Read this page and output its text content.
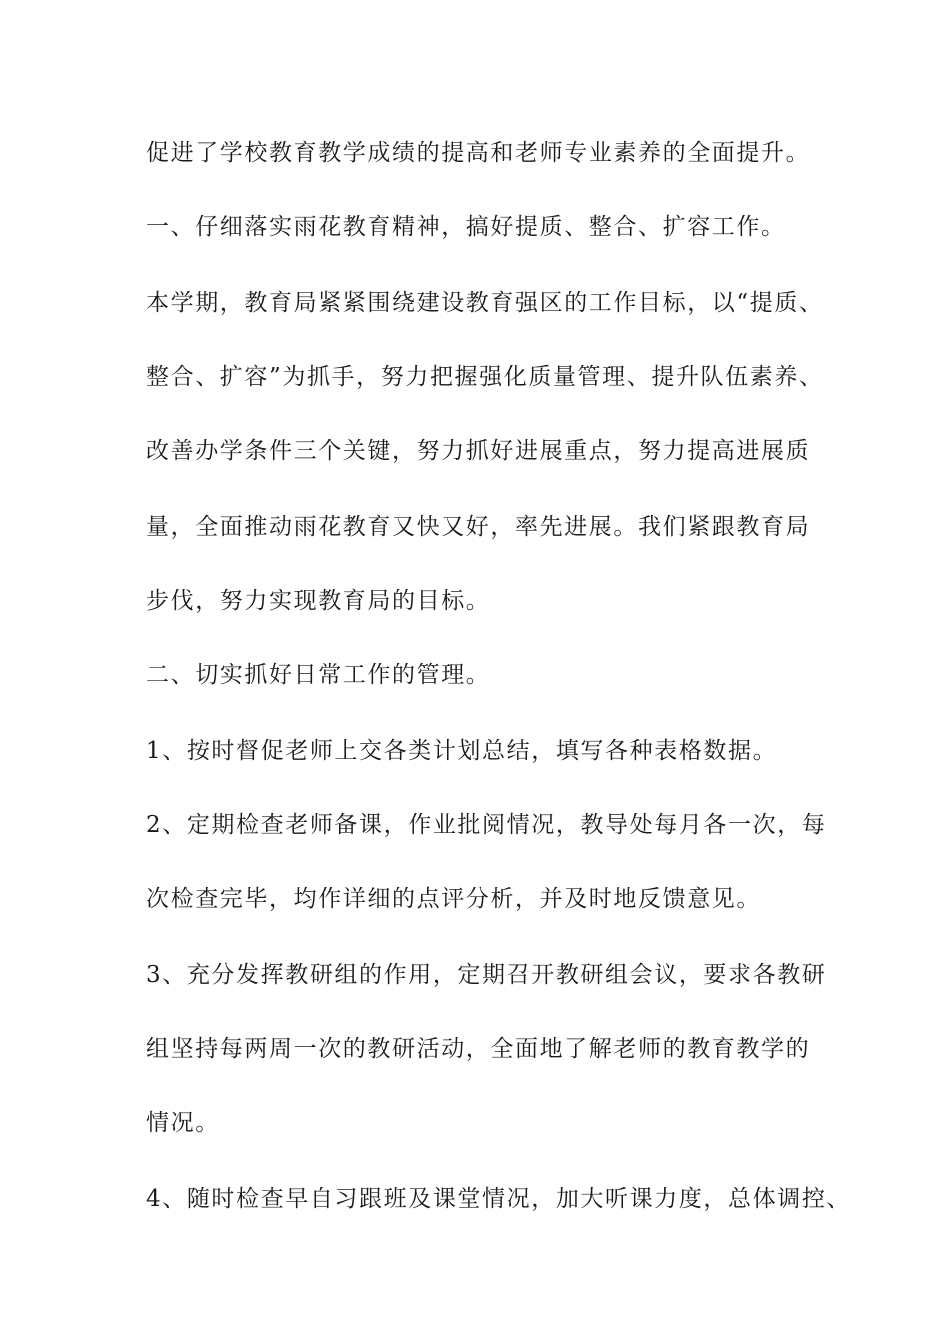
促进了学校教育教学成绩的提高和老师专业素养的全面提升。
一、仔细落实雨花教育精神，搞好提质、整合、扩容工作。
本学期，教育局紧紧围绕建设教育强区的工作目标，以“提质、
整合、扩容”为抓手，努力把握强化质量管理、提升队伍素养、
改善办学条件三个关键，努力抓好进展重点，努力提高进展质
量，全面推动雨花教育又快又好，率先进展。我们紧跟教育局
步伐，努力实现教育局的目标。
二、切实抓好日常工作的管理。
1、按时督促老师上交各类计划总结，填写各种表格数据。
2、定期检查老师备课，作业批阅情况，教导处每月各一次，每
次检查完毕，均作详细的点评分析，并及时地反馈意见。
3、充分发挥教研组的作用，定期召开教研组会议，要求各教研
组坚持每两周一次的教研活动，全面地了解老师的教育教学的
情况。
4、随时检查早自习跟班及课堂情况，加大听课力度，总体调控、
